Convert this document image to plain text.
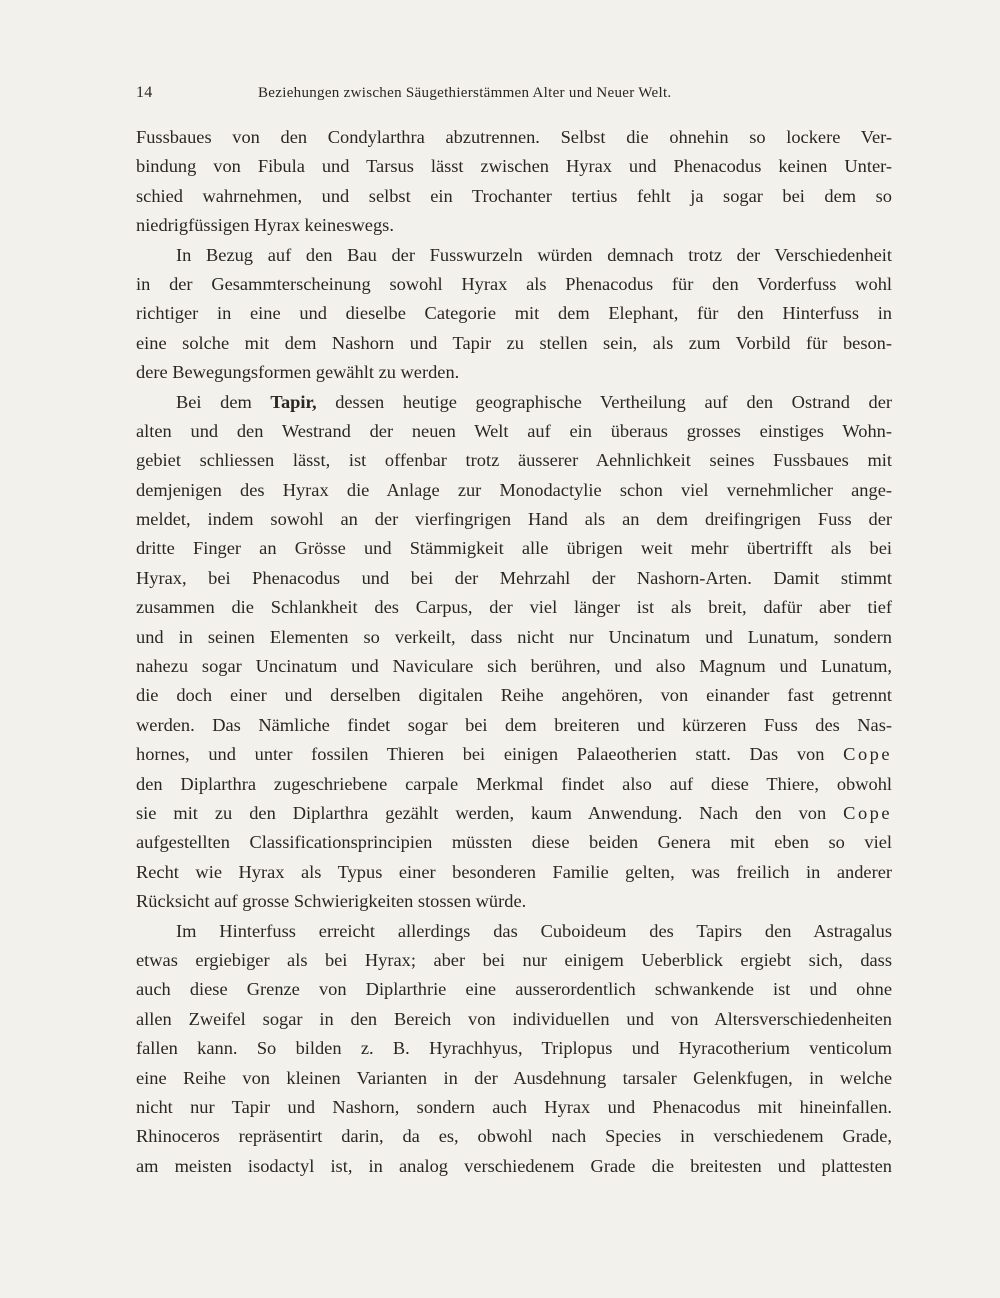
14	Beziehungen zwischen Säugethierstämmen Alter und Neuer Welt.
Fussbaues von den Condylarthra abzutrennen. Selbst die ohnehin so lockere Ver-
bindung von Fibula und Tarsus lässt zwischen Hyrax und Phenacodus keinen Unter-
schied wahrnehmen, und selbst ein Trochanter tertius fehlt ja sogar bei dem so
niedrigfüssigen Hyrax keineswegs.
In Bezug auf den Bau der Fusswurzeln würden demnach trotz der Verschiedenheit
in der Gesammterscheinung sowohl Hyrax als Phenacodus für den Vorderfuss wohl
richtiger in eine und dieselbe Categorie mit dem Elephant, für den Hinterfuss in
eine solche mit dem Nashorn und Tapir zu stellen sein, als zum Vorbild für beson-
dere Bewegungsformen gewählt zu werden.
Bei dem Tapir, dessen heutige geographische Vertheilung auf den Ostrand der
alten und den Westrand der neuen Welt auf ein überaus grosses einstiges Wohn-
gebiet schliessen lässt, ist offenbar trotz äusserer Aehnlichkeit seines Fussbaues mit
demjenigen des Hyrax die Anlage zur Monodactylie schon viel vernehmlicher ange-
meldet, indem sowohl an der vierfingrigen Hand als an dem dreifingrigen Fuss der
dritte Finger an Grösse und Stämmigkeit alle übrigen weit mehr übertrifft als bei
Hyrax, bei Phenacodus und bei der Mehrzahl der Nashorn-Arten. Damit stimmt
zusammen die Schlankheit des Carpus, der viel länger ist als breit, dafür aber tief
und in seinen Elementen so verkeilt, dass nicht nur Uncinatum und Lunatum, sondern
nahezu sogar Uncinatum und Naviculare sich berühren, und also Magnum und Lunatum,
die doch einer und derselben digitalen Reihe angehören, von einander fast getrennt
werden. Das Nämliche findet sogar bei dem breiteren und kürzeren Fuss des Nas-
hornes, und unter fossilen Thieren bei einigen Palaeotherien statt. Das von Cope
den Diplarthra zugeschriebene carpale Merkmal findet also auf diese Thiere, obwohl
sie mit zu den Diplarthra gezählt werden, kaum Anwendung. Nach den von Cope
aufgestellten Classificationsprincipien müssten diese beiden Genera mit eben so viel
Recht wie Hyrax als Typus einer besonderen Familie gelten, was freilich in anderer
Rücksicht auf grosse Schwierigkeiten stossen würde.
Im Hinterfuss erreicht allerdings das Cuboideum des Tapirs den Astragalus
etwas ergiebiger als bei Hyrax; aber bei nur einigem Ueberblick ergiebt sich, dass
auch diese Grenze von Diplarthrie eine ausserordentlich schwankende ist und ohne
allen Zweifel sogar in den Bereich von individuellen und von Altersverschiedenheiten
fallen kann. So bilden z. B. Hyrachhyus, Triplopus und Hyracotherium venticolum
eine Reihe von kleinen Varianten in der Ausdehnung tarsaler Gelenkfugen, in welche
nicht nur Tapir und Nashorn, sondern auch Hyrax und Phenacodus mit hineinfallen.
Rhinoceros repräsentirt darin, da es, obwohl nach Species in verschiedenem Grade,
am meisten isodactyl ist, in analog verschiedenem Grade die breitesten und plattesten
